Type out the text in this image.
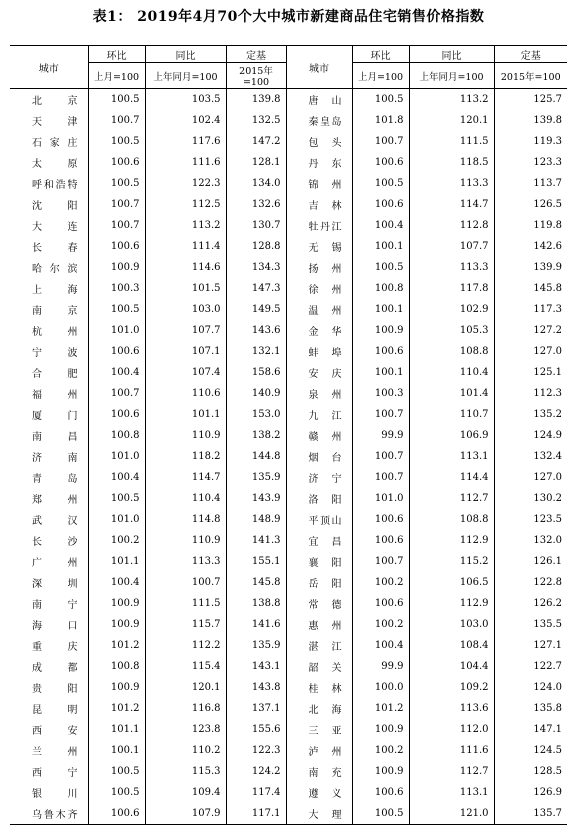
表1： 2019年4月70个大中城市新建商品住宅销售价格指数
城市	环比	同比	定基	城市	环比	同比	定基
	上月=100	上年同月=100	2015年=100		上月=100	上年同月=100	2015年=100
北 京	100.5	103.5	139.8	唐 山	100.5	113.2	125.7
天 津	100.7	102.4	132.5	秦皇岛	101.8	120.1	139.8
石家庄	100.5	117.6	147.2	包 头	100.7	111.5	119.3
太 原	100.6	111.6	128.1	丹 东	100.6	118.5	123.3
呼和浩特	100.5	122.3	134.0	锦 州	100.5	113.3	113.7
沈 阳	100.7	112.5	132.6	吉 林	100.6	114.7	126.5
大 连	100.7	113.2	130.7	牡丹江	100.4	112.8	119.8
长 春	100.6	111.4	128.8	无 锡	100.1	107.7	142.6
哈尔滨	100.9	114.6	134.3	扬 州	100.5	113.3	139.9
上 海	100.3	101.5	147.3	徐 州	100.8	117.8	145.8
南 京	100.5	103.0	149.5	温 州	100.1	102.9	117.3
杭 州	101.0	107.7	143.6	金 华	100.9	105.3	127.2
宁 波	100.6	107.1	132.1	蚌 埠	100.6	108.8	127.0
合 肥	100.4	107.4	158.6	安 庆	100.1	110.4	125.1
福 州	100.7	110.6	140.9	泉 州	100.3	101.4	112.3
厦 门	100.6	101.1	153.0	九 江	100.7	110.7	135.2
南 昌	100.8	110.9	138.2	赣 州	99.9	106.9	124.9
济 南	101.0	118.2	144.8	烟 台	100.7	113.1	132.4
青 岛	100.4	114.7	135.9	济 宁	100.7	114.4	127.0
郑 州	100.5	110.4	143.9	洛 阳	101.0	112.7	130.2
武 汉	101.0	114.8	148.9	平顶山	100.6	108.8	123.5
长 沙	100.2	110.9	141.3	宜 昌	100.6	112.9	132.0
广 州	101.1	113.3	155.1	襄 阳	100.7	115.2	126.1
深 圳	100.4	100.7	145.8	岳 阳	100.2	106.5	122.8
南 宁	100.9	111.5	138.8	常 德	100.6	112.9	126.2
海 口	100.9	115.7	141.6	惠 州	100.2	103.0	135.5
重 庆	101.2	112.2	135.9	湛 江	100.4	108.4	127.1
成 都	100.8	115.4	143.1	韶 关	99.9	104.4	122.7
贵 阳	100.9	120.1	143.8	桂 林	100.0	109.2	124.0
昆 明	101.2	116.8	137.1	北 海	101.2	113.6	135.8
西 安	101.1	123.8	155.6	三 亚	100.9	112.0	147.1
兰 州	100.1	110.2	122.3	泸 州	100.2	111.6	124.5
西 宁	100.5	115.3	124.2	南 充	100.9	112.7	128.5
银 川	100.5	109.4	117.4	遵 义	100.6	113.1	126.9
乌鲁木齐	100.6	107.9	117.1	大 理	100.5	121.0	135.7
